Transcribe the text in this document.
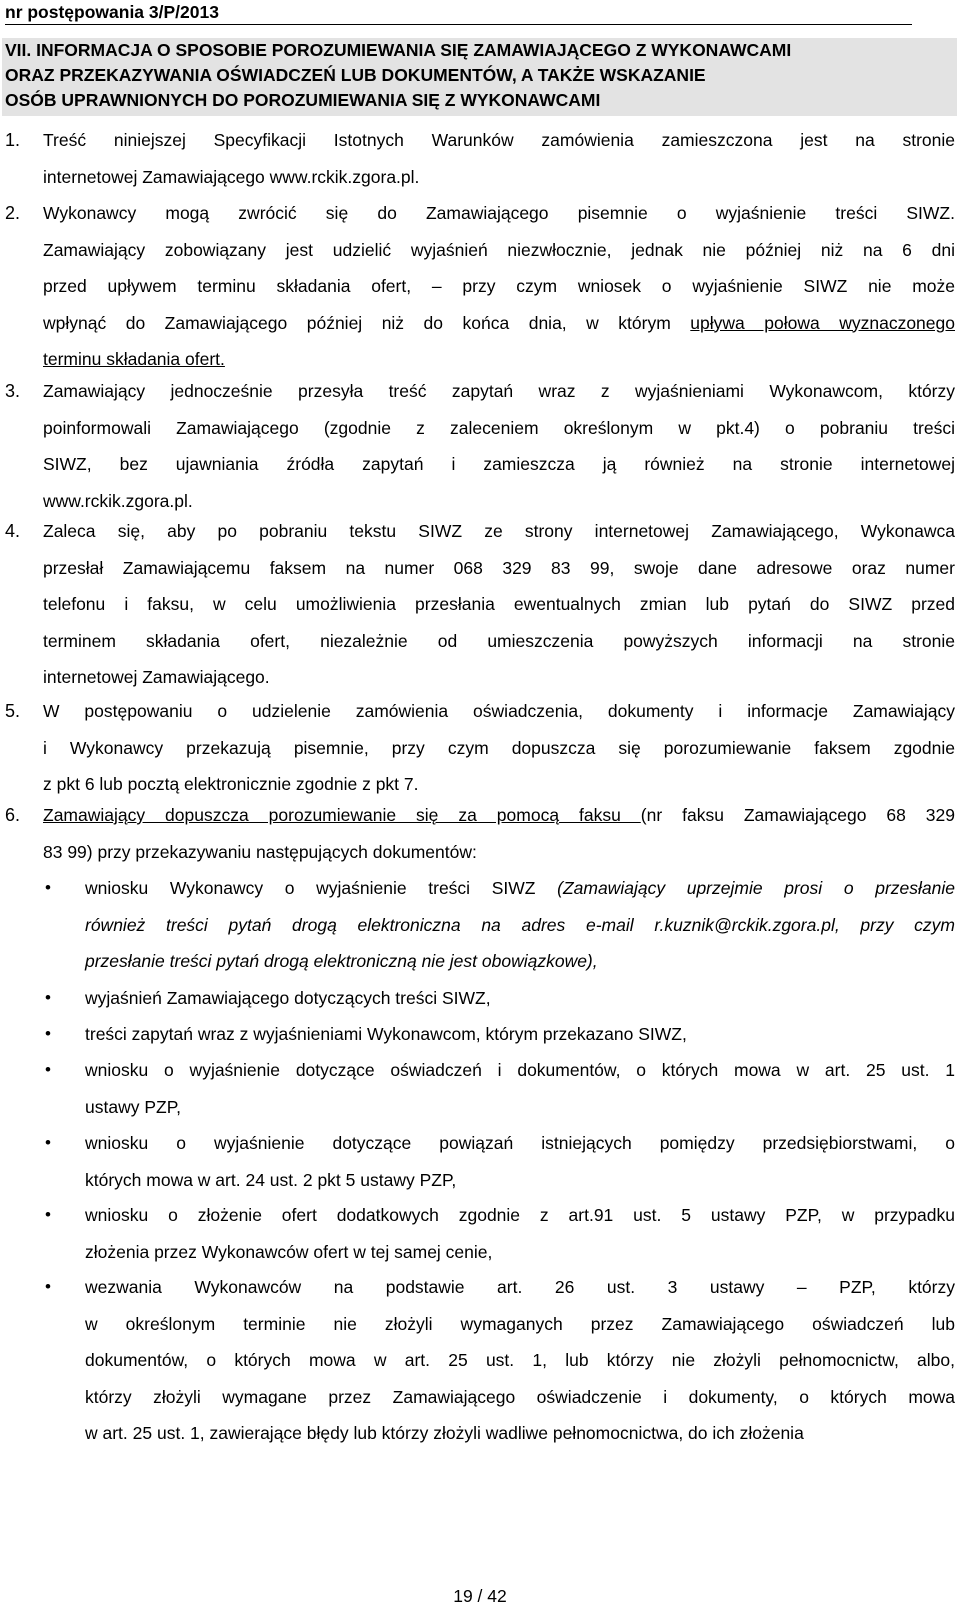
nr postępowania 3/P/2013
VII. INFORMACJA O SPOSOBIE POROZUMIEWANIA SIĘ ZAMAWIAJĄCEGO Z WYKONAWCAMI
ORAZ PRZEKAZYWANIA OŚWIADCZEŃ LUB DOKUMENTÓW, A TAKŻE WSKAZANIE
OSÓB UPRAWNIONYCH DO POROZUMIEWANIA SIĘ Z WYKONAWCAMI
1. Treść niniejszej Specyfikacji Istotnych Warunków zamówienia zamieszczona jest na stronie
internetowej Zamawiającego www.rckik.zgora.pl.
2. Wykonawcy mogą zwrócić się do Zamawiającego pisemnie o wyjaśnienie treści SIWZ.
Zamawiający zobowiązany jest udzielić wyjaśnień niezwłocznie, jednak nie później niż na 6 dni
przed upływem terminu składania ofert, – przy czym wniosek o wyjaśnienie SIWZ nie może
wpłynąć do Zamawiającego później niż do końca dnia, w którym upływa połowa wyznaczonego
terminu składania ofert.
3. Zamawiający jednocześnie przesyła treść zapytań wraz z wyjaśnieniami Wykonawcom, którzy
poinformowali Zamawiającego (zgodnie z zaleceniem określonym w pkt.4) o pobraniu treści
SIWZ, bez ujawniania źródła zapytań i zamieszcza ją również na stronie internetowej
www.rckik.zgora.pl.
4. Zaleca się, aby po pobraniu tekstu SIWZ ze strony internetowej Zamawiającego, Wykonawca
przesłał Zamawiającemu faksem na numer 068 329 83 99, swoje dane adresowe oraz numer
telefonu i faksu, w celu umożliwienia przesłania ewentualnych zmian lub pytań do SIWZ przed
terminem składania ofert, niezależnie od umieszczenia powyższych informacji na stronie
internetowej Zamawiającego.
5. W postępowaniu o udzielenie zamówienia oświadczenia, dokumenty i informacje Zamawiający
i Wykonawcy przekazują pisemnie, przy czym dopuszcza się porozumiewanie faksem zgodnie
z pkt 6 lub pocztą elektronicznie zgodnie z pkt 7.
6. Zamawiający dopuszcza porozumiewanie się za pomocą faksu (nr faksu Zamawiającego 68 329
83 99) przy przekazywaniu następujących dokumentów:
• wniosku Wykonawcy o wyjaśnienie treści SIWZ (Zamawiający uprzejmie prosi o przesłanie
również treści pytań drogą elektroniczna na adres e-mail r.kuznik@rckik.zgora.pl, przy czym
przesłanie treści pytań drogą elektroniczną nie jest obowiązkowe),
• wyjaśnień Zamawiającego dotyczących treści SIWZ,
• treści zapytań wraz z wyjaśnieniami Wykonawcom, którym przekazano SIWZ,
• wniosku o wyjaśnienie dotyczące oświadczeń i dokumentów, o których mowa w art. 25 ust. 1
ustawy PZP,
• wniosku o wyjaśnienie dotyczące powiązań istniejących pomiędzy przedsiębiorstwami, o
których mowa w art. 24 ust. 2 pkt 5 ustawy PZP,
• wniosku o złożenie ofert dodatkowych zgodnie z art.91 ust. 5 ustawy PZP, w przypadku
złożenia przez Wykonawców ofert w tej samej cenie,
• wezwania Wykonawców na podstawie art. 26 ust. 3 ustawy – PZP, którzy
w określonym terminie nie złożyli wymaganych przez Zamawiającego oświadczeń lub
dokumentów, o których mowa w art. 25 ust. 1, lub którzy nie złożyli pełnomocnictw, albo,
którzy złożyli wymagane przez Zamawiającego oświadczenie i dokumenty, o których mowa
w art. 25 ust. 1, zawierające błędy lub którzy złożyli wadliwe pełnomocnictwa, do ich złożenia
19 / 42
